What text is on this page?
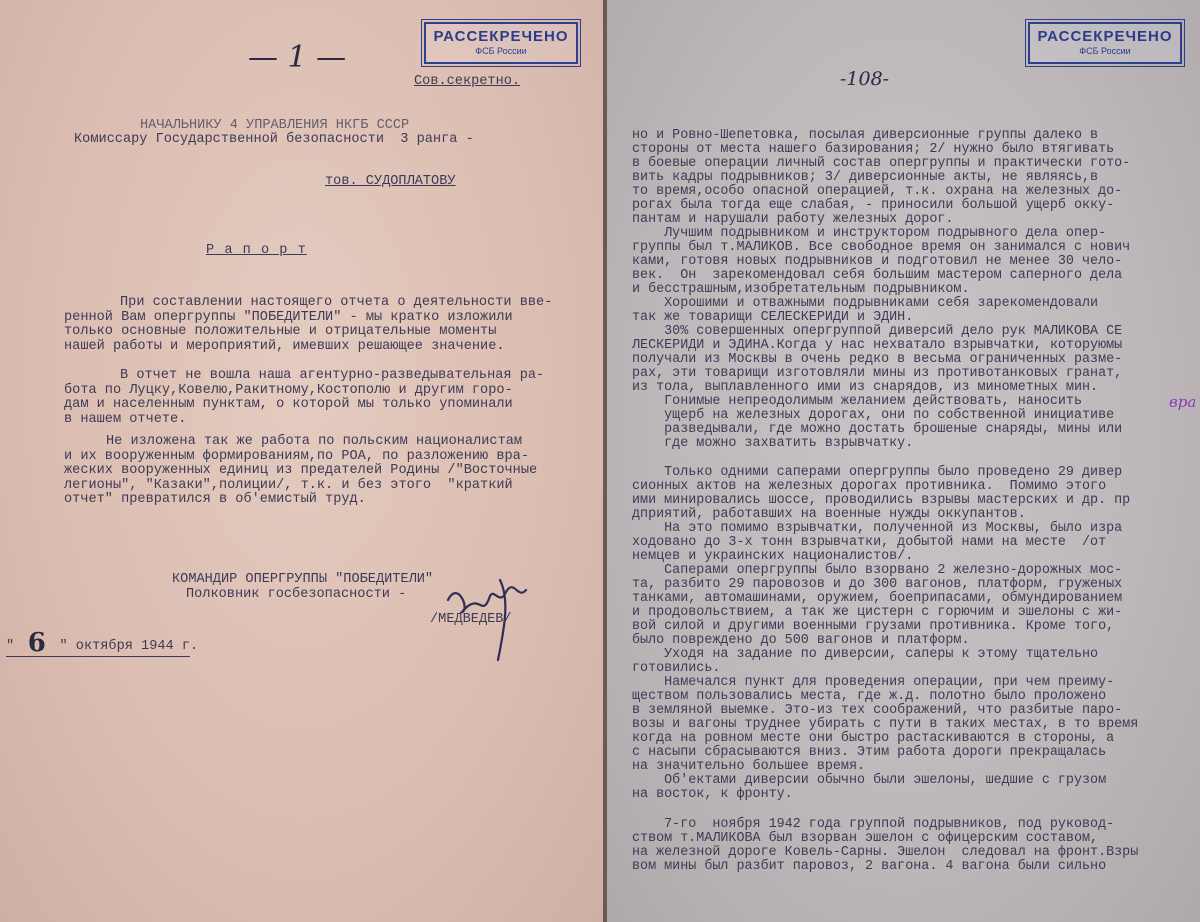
РАССЕКРЕЧЕНО
ФСБ России
— 1 —
Сов.секретно.
НАЧАЛЬНИКУ 4 УПРАВЛЕНИЯ НКГБ СССР
Комиссару Государственной безопасности  3 ранга -
тов. СУДОПЛАТОВУ
Р а п о р т
При составлении настоящего отчета о деятельности вве-
ренной Вам опергруппы "ПОБЕДИТЕЛИ" - мы кратко изложили
только основные положительные и отрицательные моменты
нашей работы и мероприятий, имевших решающее значение.
В отчет не вошла наша агентурно-разведывательная ра-
бота по Луцку,Ковелю,Ракитному,Костополю и другим горо-
дам и населенным пунктам, о которой мы только упоминали
в нашем отчете.
Не изложена так же работа по польским националистам
и их вооруженным формированиям,по РОА, по разложению вра-
жеских вооруженных единиц из предателей Родины /"Восточные
легионы", "Казаки",полиции/, т.к. и без этого  "краткий
отчет" превратился в об'емистый труд.
КОМАНДИР ОПЕРГРУППЫ "ПОБЕДИТЕЛИ"
Полковник госбезопасности -
/МЕДВЕДЕВ/
" 6 " октября 1944 г.
РАССЕКРЕЧЕНО
ФСБ России
-108-
вра
но и Ровно-Шепетовка, посылая диверсионные группы далеко в
стороны от места нашего базирования; 2/ нужно было втягивать
в боевые операции личный состав опергруппы и практически гото-
вить кадры подрывников; 3/ диверсионные акты, не являясь,в
то время,особо опасной операцией, т.к. охрана на железных до-
рогах была тогда еще слабая, - приносили большой ущерб окку-
пантам и нарушали работу железных дорог.
Лучшим подрывником и инструктором подрывного дела опер-
группы был т.МАЛИКОВ. Все свободное время он занимался с нович
ками, готовя новых подрывников и подготовил не менее 30 чело-
век.  Он  зарекомендовал себя большим мастером саперного дела
и бесстрашным,изобретательным подрывником.
Хорошими и отважными подрывниками себя зарекомендовали
так же товарищи СЕЛЕСКЕРИДИ и ЭДИН.
30% совершенных опергруппой диверсий дело рук МАЛИКОВА СЕ
ЛЕСКЕРИДИ и ЭДИНА.Когда у нас нехватало взрывчатки, которуюмы
получали из Москвы в очень редко в весьма ограниченных разме-
рах, эти товарищи изготовляли мины из противотанковых гранат,
из тола, выплавленного ими из снарядов, из минометных мин.
Гонимые непреодолимым желанием действовать, наносить
ущерб на железных дорогах, они по собственной инициативе
разведывали, где можно достать брошеные снаряды, мины или
где можно захватить взрывчатку.
Только одними саперами опергруппы было проведено 29 дивер
сионных актов на железных дорогах противника.  Помимо этого
ими минировались шоссе, проводились взрывы мастерских и др. пр
дприятий, работавших на военные нужды оккупантов.
На это помимо взрывчатки, полученной из Москвы, было изра
ходовано до 3-х тонн взрывчатки, добытой нами на месте  /от
немцев и украинских националистов/.
Саперами опергруппы было взорвано 2 железно-дорожных мос-
та, разбито 29 паровозов и до 300 вагонов, платформ, груженых
танками, автомашинами, оружием, боеприпасами, обмундированием
и продовольствием, а так же цистерн с горючим и эшелоны с жи-
вой силой и другими военными грузами противника. Кроме того,
было повреждено до 500 вагонов и платформ.
Уходя на задание по диверсии, саперы к этому тщательно
готовились.
Намечался пункт для проведения операции, при чем преиму-
ществом пользовались места, где ж.д. полотно было проложено
в земляной выемке. Это-из тех соображений, что разбитые паро-
возы и вагоны труднее убирать с пути в таких местах, в то время
когда на ровном месте они быстро растаскиваются в стороны, а
с насыпи сбрасываются вниз. Этим работа дороги прекращалась
на значительно большее время.
Об'ектами диверсии обычно были эшелоны, шедшие с грузом
на восток, к фронту.
7-го  ноября 1942 года группой подрывников, под руковод-
ством т.МАЛИКОВА был взорван эшелон с офицерским составом,
на железной дороге Ковель-Сарны. Эшелон  следовал на фронт.Взры
вом мины был разбит паровоз, 2 вагона. 4 вагона были сильно
